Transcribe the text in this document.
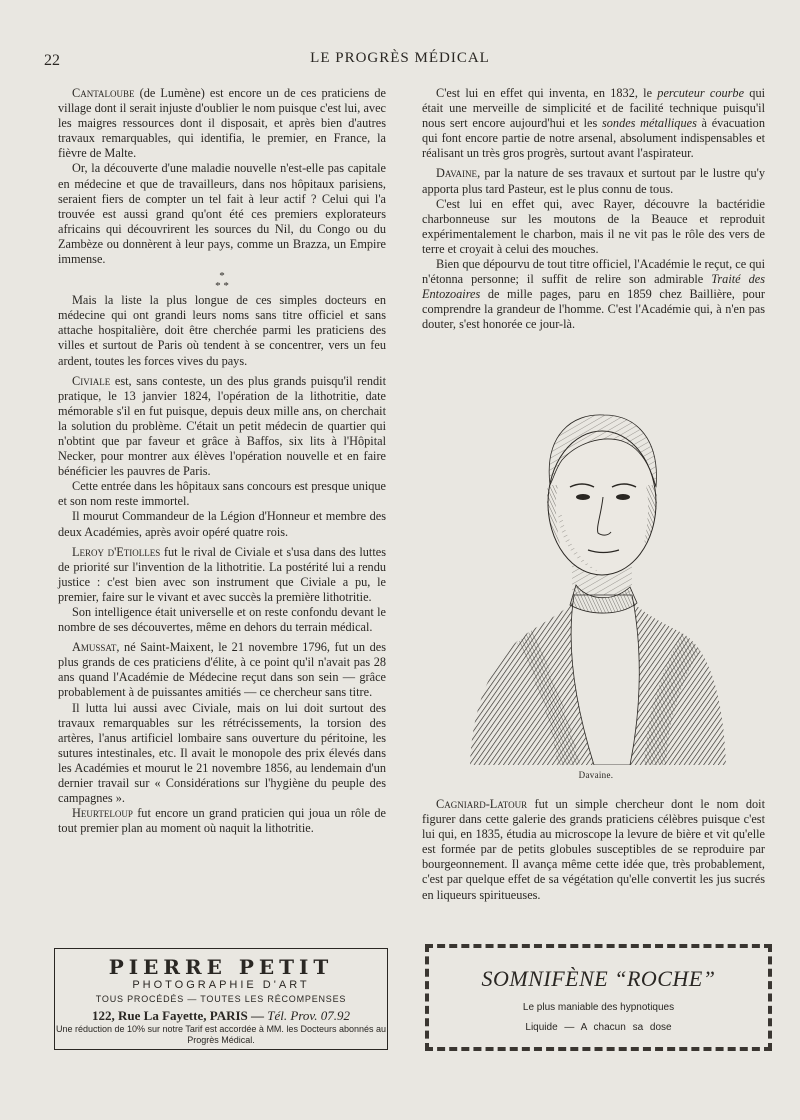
22	LE PROGRÈS MÉDICAL

Cantaloube (de Lumène) est encore un de ces praticiens de village dont il serait injuste d'oublier le nom puisque c'est lui, avec les maigres ressources dont il disposait, et après bien d'autres travaux remarquables, qui identifia, le premier, en France, la fièvre de Malte.

Or, la découverte d'une maladie nouvelle n'est-elle pas capitale en médecine et que de travailleurs, dans nos hôpitaux parisiens, seraient fiers de compter un tel fait à leur actif ? Celui qui l'a trouvée est aussi grand qu'ont été ces premiers explorateurs africains qui découvrirent les sources du Nil, du Congo ou du Zambèze ou donnèrent à leur pays, comme un Brazza, un Empire immense.

*
* *

Mais la liste la plus longue de ces simples docteurs en médecine qui ont grandi leurs noms sans titre officiel et sans attache hospitalière, doit être cherchée parmi les praticiens des villes et surtout de Paris où tendent à se concentrer, vers un feu ardent, toutes les forces vives du pays.

Civiale est, sans conteste, un des plus grands puisqu'il rendit pratique, le 13 janvier 1824, l'opération de la lithotritie, date mémorable s'il en fut puisque, depuis deux mille ans, on cherchait la solution du problème. C'était un petit médecin de quartier qui n'obtint que par faveur et grâce à Baffos, six lits à l'Hôpital Necker, pour montrer aux élèves l'opération nouvelle et en faire bénéficier les pauvres de Paris.

Cette entrée dans les hôpitaux sans concours est presque unique et son nom reste immortel.

Il mourut Commandeur de la Légion d'Honneur et membre des deux Académies, après avoir opéré quatre rois.

Leroy d'Etiolles fut le rival de Civiale et s'usa dans des luttes de priorité sur l'invention de la lithotritie. La postérité lui a rendu justice : c'est bien avec son instrument que Civiale a pu, le premier, faire sur le vivant et avec succès la première lithotritie.

Son intelligence était universelle et on reste confondu devant le nombre de ses découvertes, même en dehors du terrain médical.

Amussat, né Saint-Maixent, le 21 novembre 1796, fut un des plus grands de ces praticiens d'élite, à ce point qu'il n'avait pas 28 ans quand l'Académie de Médecine reçut dans son sein — grâce probablement à de puissantes amitiés — ce chercheur sans titre.

Il lutta lui aussi avec Civiale, mais on lui doit surtout des travaux remarquables sur les rétrécissements, la torsion des artères, l'anus artificiel lombaire sans ouverture du péritoine, les sutures intestinales, etc. Il avait le monopole des prix élevés dans les Académies et mourut le 21 novembre 1856, au lendemain d'un dernier travail sur « Considérations sur l'hygiène du peuple des campagnes ».

Heurteloup fut encore un grand praticien qui joua un rôle de tout premier plan au moment où naquit la lithotritie.

C'est lui en effet qui inventa, en 1832, le percuteur courbe qui était une merveille de simplicité et de facilité technique puisqu'il nous sert encore aujourd'hui et les sondes métalliques à évacuation qui font encore partie de notre arsenal, absolument indispensables et réalisant un très gros progrès, surtout avant l'aspirateur.

Davaine, par la nature de ses travaux et surtout par le lustre qu'y apporta plus tard Pasteur, est le plus connu de tous.

C'est lui en effet qui, avec Rayer, découvre la bactéridie charbonneuse sur les moutons de la Beauce et reproduit expérimentalement le charbon, mais il ne vit pas le rôle des vers de terre et croyait à celui des mouches.

Bien que dépourvu de tout titre officiel, l'Académie le reçut, ce qui n'étonna personne; il suffit de relire son admirable Traité des Entozoaires de mille pages, paru en 1859 chez Baillière, pour comprendre la grandeur de l'homme. C'est l'Académie qui, à n'en pas douter, s'est honorée ce jour-là.

Davaine.

Cagniard-Latour fut un simple chercheur dont le nom doit figurer dans cette galerie des grands praticiens célèbres puisque c'est lui qui, en 1835, étudia au microscope la levure de bière et vit qu'elle est formée par de petits globules susceptibles de se reproduire par bourgeonnement. Il avança même cette idée que, très probablement, c'est par quelque effet de sa végétation qu'elle convertit les jus sucrés en liqueurs spiritueuses.

PIERRE PETIT
PHOTOGRAPHIE D'ART
TOUS PROCÉDÉS — TOUTES LES RÉCOMPENSES
122, Rue La Fayette, PARIS — Tél. Prov. 07.92
Une réduction de 10% sur notre Tarif est accordée à MM. les Docteurs abonnés au Progrès Médical.
SOMNIFÈNE “ROCHE”
Le plus maniable des hypnotiques
Liquide — A chacun sa dose
